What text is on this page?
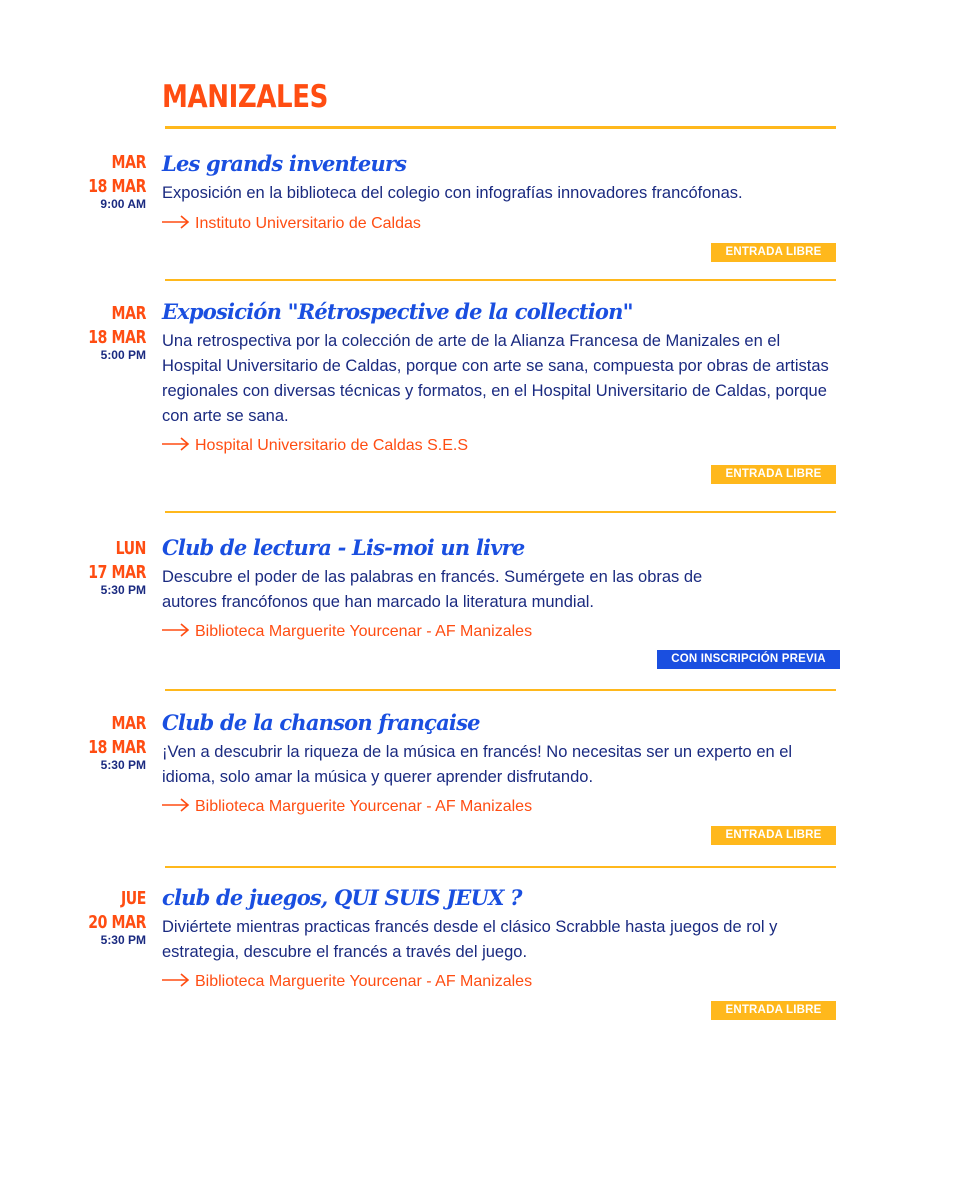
MANIZALES
MAR
18 MAR
9:00 AM
Les grands inventeurs
Exposición en la biblioteca del colegio con infografías innovadores francófonas.
Instituto Universitario de Caldas
ENTRADA LIBRE
MAR
18 MAR
5:00 PM
Exposición "Rétrospective de la collection"
Una retrospectiva por la colección de arte de la Alianza Francesa de Manizales en el Hospital Universitario de Caldas, porque con arte se sana, compuesta por obras de artistas regionales con diversas técnicas y formatos, en el Hospital Universitario de Caldas, porque con arte se sana.
Hospital Universitario de Caldas S.E.S
ENTRADA LIBRE
LUN
17 MAR
5:30 PM
Club de lectura - Lis-moi un livre
Descubre el poder de las palabras en francés. Sumérgete en las obras de autores francófonos que han marcado la literatura mundial.
Biblioteca Marguerite Yourcenar - AF Manizales
CON INSCRIPCIÓN PREVIA
MAR
18 MAR
5:30 PM
Club de la chanson française
¡Ven a descubrir la riqueza de la música en francés! No necesitas ser un experto en el idioma, solo amar la música y querer aprender disfrutando.
Biblioteca Marguerite Yourcenar - AF Manizales
ENTRADA LIBRE
JUE
20 MAR
5:30 PM
club de juegos, QUI SUIS JEUX ?
Diviértete mientras practicas francés desde el clásico Scrabble hasta juegos de rol y estrategia, descubre el francés a través del juego.
Biblioteca Marguerite Yourcenar - AF Manizales
ENTRADA LIBRE
